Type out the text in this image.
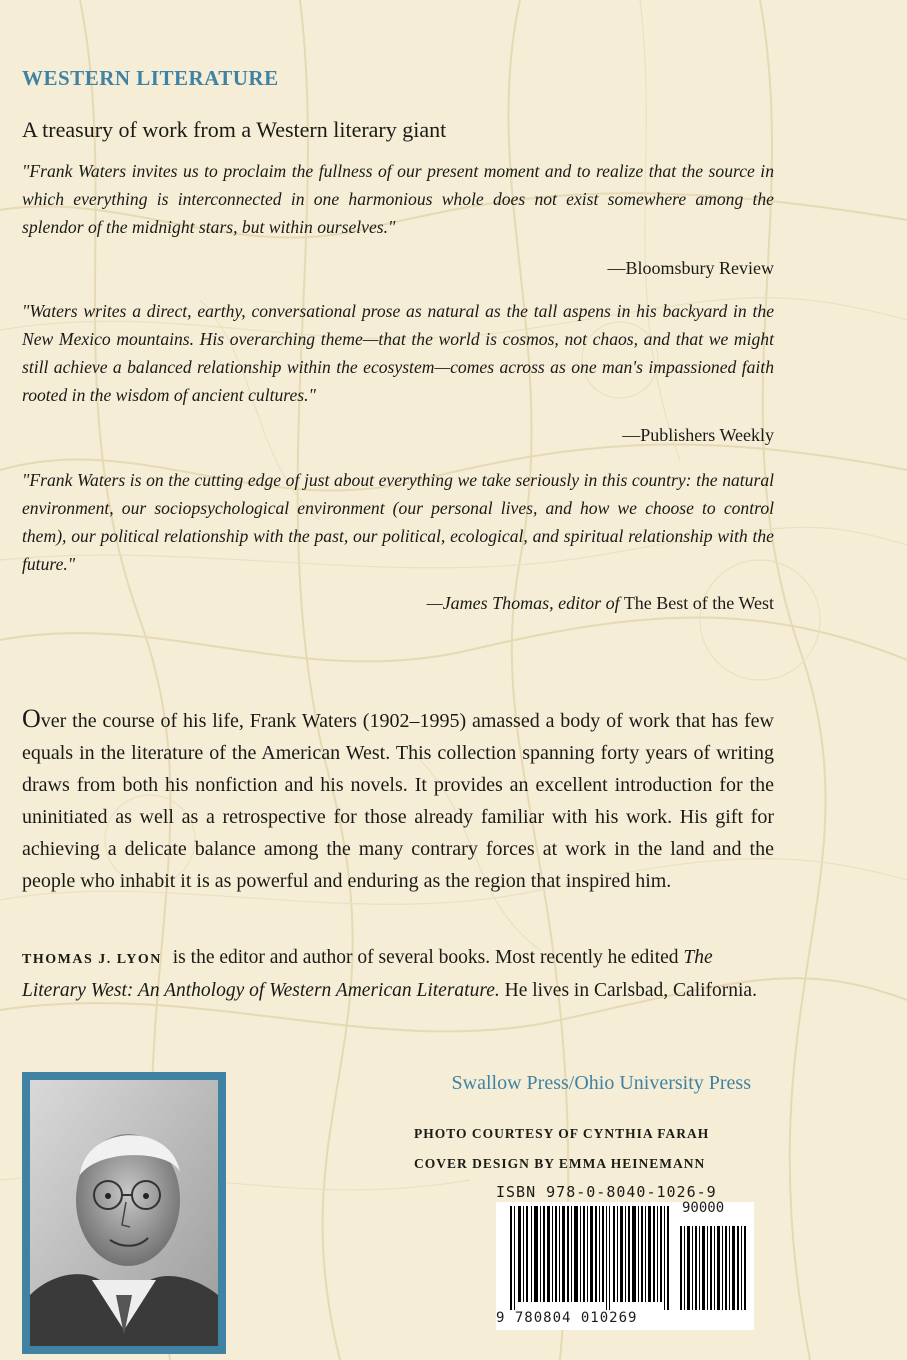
WESTERN LITERATURE
A treasury of work from a Western literary giant
"Frank Waters invites us to proclaim the fullness of our present moment and to realize that the source in which everything is interconnected in one harmonious whole does not exist somewhere among the splendor of the midnight stars, but within ourselves."
—Bloomsbury Review
"Waters writes a direct, earthy, conversational prose as natural as the tall aspens in his backyard in the New Mexico mountains. His overarching theme—that the world is cosmos, not chaos, and that we might still achieve a balanced relationship within the ecosystem—comes across as one man's impassioned faith rooted in the wisdom of ancient cultures."
—Publishers Weekly
"Frank Waters is on the cutting edge of just about everything we take seriously in this country: the natural environment, our sociopsychological environment (our personal lives, and how we choose to control them), our political relationship with the past, our political, ecological, and spiritual relationship with the future."
—James Thomas, editor of The Best of the West
Over the course of his life, Frank Waters (1902–1995) amassed a body of work that has few equals in the literature of the American West. This collection spanning forty years of writing draws from both his nonfiction and his novels. It provides an excellent introduction for the uninitiated as well as a retrospective for those already familiar with his work. His gift for achieving a delicate balance among the many contrary forces at work in the land and the people who inhabit it is as powerful and enduring as the region that inspired him.
THOMAS J. LYON is the editor and author of several books. Most recently he edited The Literary West: An Anthology of Western American Literature. He lives in Carlsbad, California.
Swallow Press/Ohio University Press
PHOTO COURTESY OF CYNTHIA FARAH
COVER DESIGN BY EMMA HEINEMANN
ISBN 978-0-8040-1026-9
90000
9 780804 010269
